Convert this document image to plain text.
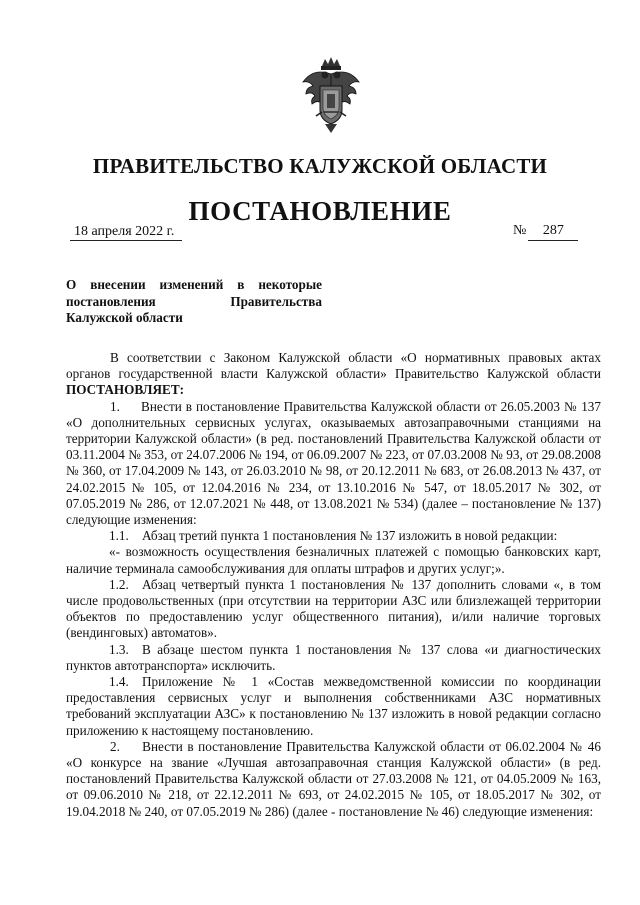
ПРАВИТЕЛЬСТВО КАЛУЖСКОЙ ОБЛАСТИ
ПОСТАНОВЛЕНИЕ
18 апреля 2022 г.	№ 287
О внесении изменений в некоторые
постановления Правительства
Калужской области

В соответствии с Законом Калужской области «О нормативных правовых актах органов государственной власти Калужской области» Правительство Калужской области ПОСТАНОВЛЯЕТ:

1.   Внести в постановление Правительства Калужской области от 26.05.2003 № 137 «О дополнительных сервисных услугах, оказываемых автозаправочными станциями на территории Калужской области» (в ред. постановлений Правительства Калужской области от 03.11.2004 № 353, от 24.07.2006 № 194, от 06.09.2007 № 223, от 07.03.2008 № 93, от 29.08.2008 № 360, от 17.04.2009 № 143, от 26.03.2010 № 98, от 20.12.2011 № 683, от 26.08.2013 № 437, от 24.02.2015 № 105, от 12.04.2016 № 234, от 13.10.2016 № 547, от 18.05.2017 № 302, от 07.05.2019 № 286, от 12.07.2021 № 448, от 13.08.2021 № 534) (далее – постановление № 137) следующие изменения:

1.1. Абзац третий пункта 1 постановления № 137 изложить в новой редакции:

«- возможность осуществления безналичных платежей с помощью банковских карт, наличие терминала самообслуживания для оплаты штрафов и других услуг;».

1.2. Абзац четвертый пункта 1 постановления № 137 дополнить словами «, в том числе продовольственных (при отсутствии на территории АЗС или близлежащей территории объектов по предоставлению услуг общественного питания), и/или наличие торговых (вендинговых) автоматов».

1.3. В абзаце шестом пункта 1 постановления № 137 слова «и диагностических пунктов автотранспорта» исключить.

1.4. Приложение № 1 «Состав межведомственной комиссии по координации предоставления сервисных услуг и выполнения собственниками АЗС нормативных требований эксплуатации АЗС» к постановлению № 137 изложить в новой редакции согласно приложению к настоящему постановлению.

2.   Внести в постановление Правительства Калужской области от 06.02.2004 № 46 «О конкурсе на звание «Лучшая автозаправочная станция Калужской области» (в ред. постановлений Правительства Калужской области от 27.03.2008 № 121, от 04.05.2009 № 163, от 09.06.2010 № 218, от 22.12.2011 № 693, от 24.02.2015 № 105, от 18.05.2017 № 302, от 19.04.2018 № 240, от 07.05.2019 № 286) (далее - постановление № 46) следующие изменения:
